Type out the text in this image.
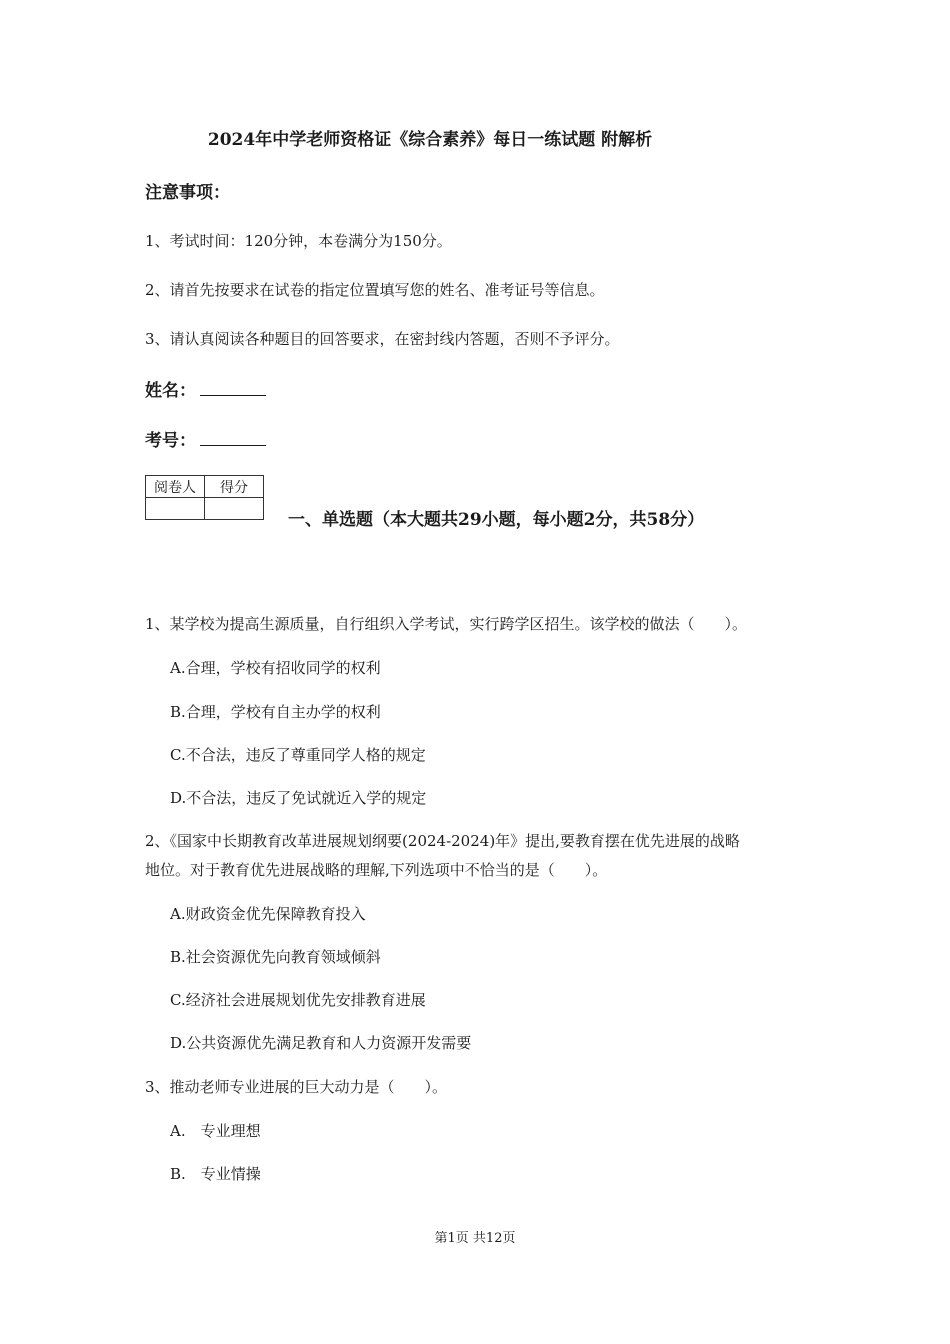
2024年中学老师资格证《综合素养》每日一练试题 附解析
注意事项：
1、考试时间：120分钟，本卷满分为150分。
2、请首先按要求在试卷的指定位置填写您的姓名、准考证号等信息。
3、请认真阅读各种题目的回答要求，在密封线内答题，否则不予评分。
姓名：
考号：
阅卷人	得分

一、单选题（本大题共29小题，每小题2分，共58分）
1、某学校为提高生源质量，自行组织入学考试，实行跨学区招生。该学校的做法（　　）。
A.合理，学校有招收同学的权利
B.合理，学校有自主办学的权利
C.不合法，违反了尊重同学人格的规定
D.不合法，违反了免试就近入学的规定
2、《国家中长期教育改革进展规划纲要(2024-2024)年》提出,要教育摆在优先进展的战略
地位。对于教育优先进展战略的理解,下列选项中不恰当的是（　　）。
A.财政资金优先保障教育投入
B.社会资源优先向教育领域倾斜
C.经济社会进展规划优先安排教育进展
D.公共资源优先满足教育和人力资源开发需要
3、推动老师专业进展的巨大动力是（　　）。
A.　专业理想
B.　专业情操
第1页 共12页
